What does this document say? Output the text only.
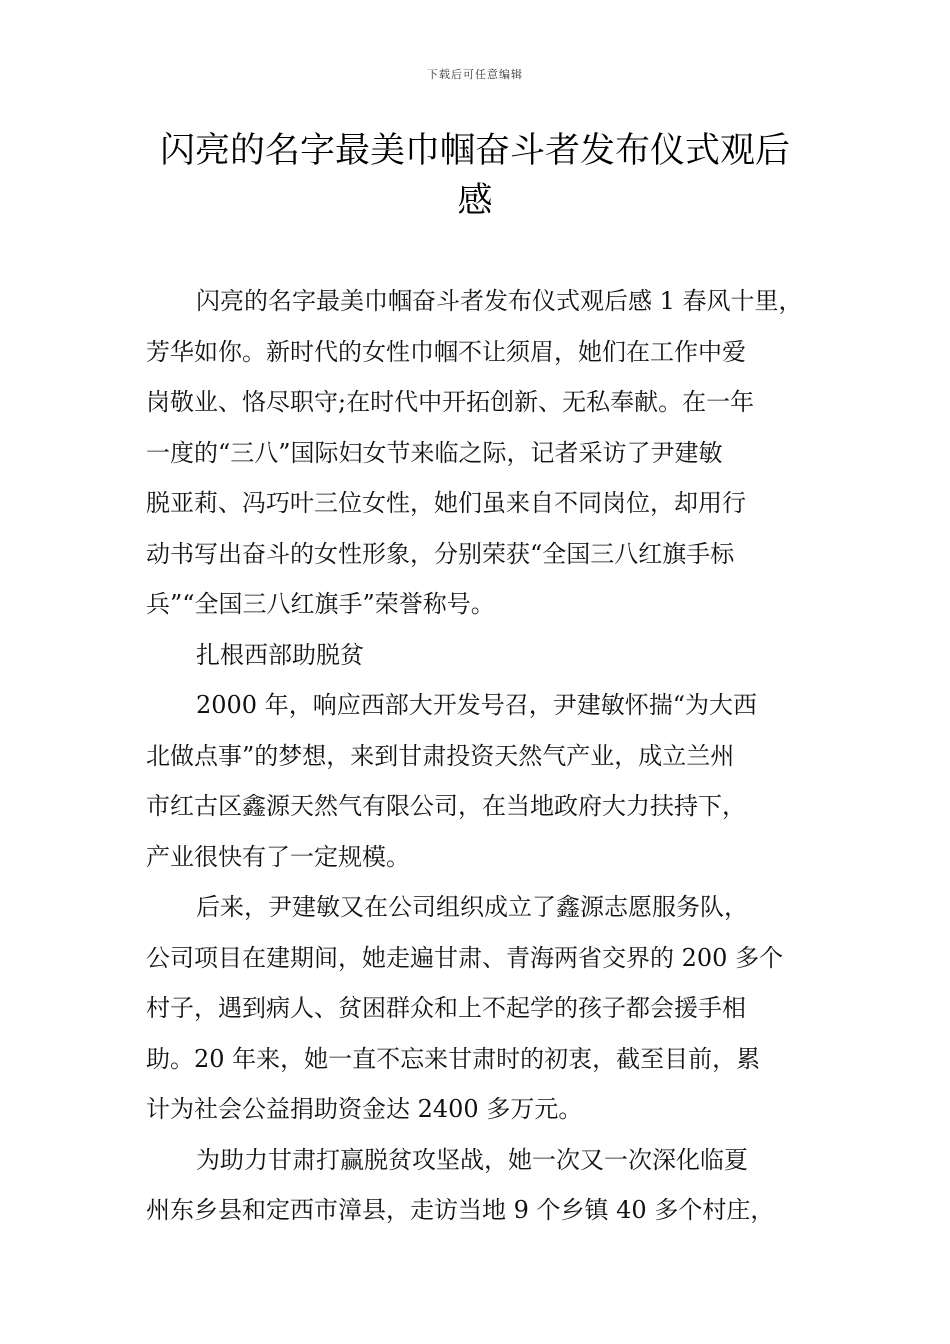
下载后可任意编辑
闪亮的名字最美巾帼奋斗者发布仪式观后
感

闪亮的名字最美巾帼奋斗者发布仪式观后感 1 春风十里，
芳华如你。新时代的女性巾帼不让须眉，她们在工作中爱
岗敬业、恪尽职守;在时代中开拓创新、无私奉献。在一年
一度的“三八”国际妇女节来临之际，记者采访了尹建敏
脱亚莉、冯巧叶三位女性，她们虽来自不同岗位，却用行
动书写出奋斗的女性形象，分别荣获“全国三八红旗手标
兵”“全国三八红旗手”荣誉称号。

扎根西部助脱贫

2000 年，响应西部大开发号召，尹建敏怀揣“为大西
北做点事”的梦想，来到甘肃投资天然气产业，成立兰州
市红古区鑫源天然气有限公司，在当地政府大力扶持下，
产业很快有了一定规模。

后来，尹建敏又在公司组织成立了鑫源志愿服务队，
公司项目在建期间，她走遍甘肃、青海两省交界的 200 多个
村子，遇到病人、贫困群众和上不起学的孩子都会援手相
助。20 年来，她一直不忘来甘肃时的初衷，截至目前，累
计为社会公益捐助资金达 2400 多万元。

为助力甘肃打赢脱贫攻坚战，她一次又一次深化临夏
州东乡县和定西市漳县，走访当地 9 个乡镇 40 多个村庄，
